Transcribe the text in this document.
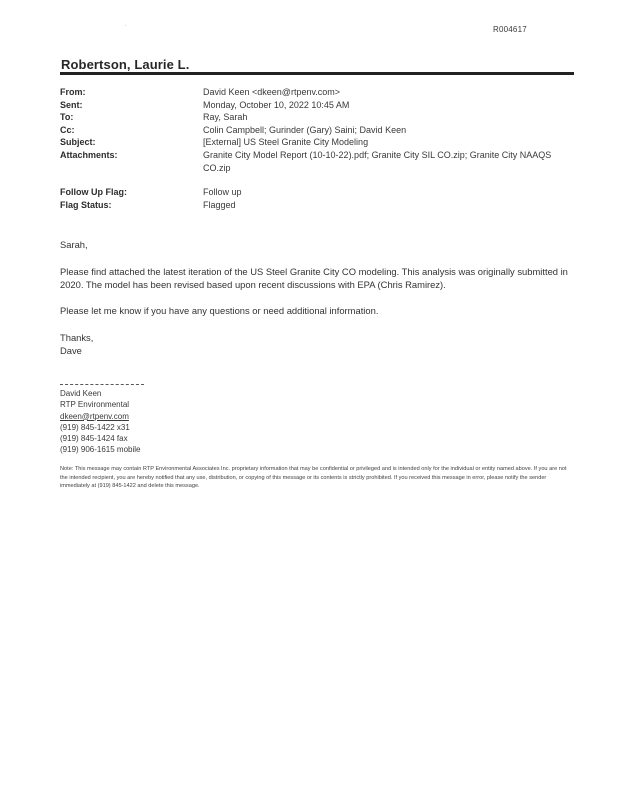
`	R004617
Robertson, Laurie L.
From:	David Keen <dkeen@rtpenv.com>
Sent:	Monday, October 10, 2022 10:45 AM
To:	Ray, Sarah
Cc:	Colin Campbell; Gurinder (Gary) Saini; David Keen
Subject:	[External] US Steel Granite City Modeling
Attachments:	Granite City Model Report (10-10-22).pdf; Granite City SIL CO.zip; Granite City NAAQS CO.zip
Follow Up Flag:	Follow up
Flag Status:	Flagged

Sarah,

Please find attached the latest iteration of the US Steel Granite City CO modeling. This analysis was originally submitted in 2020. The model has been revised based upon recent discussions with EPA (Chris Ramirez).

Please let me know if you have any questions or need additional information.

Thanks,

Dave

David Keen
RTP Environmental
dkeen@rtpenv.com
(919) 845-1422 x31
(919) 845-1424 fax
(919) 906-1615 mobile
Note: This message may contain RTP Environmental Associates Inc. proprietary information that may be confidential or privileged and is intended only for the individual or entity named above. If you are not the intended recipient, you are hereby notified that any use, distribution, or copying of this message or its contents is strictly prohibited. If you received this message in error, please notify the sender immediately at (919) 845-1422 and delete this message.
